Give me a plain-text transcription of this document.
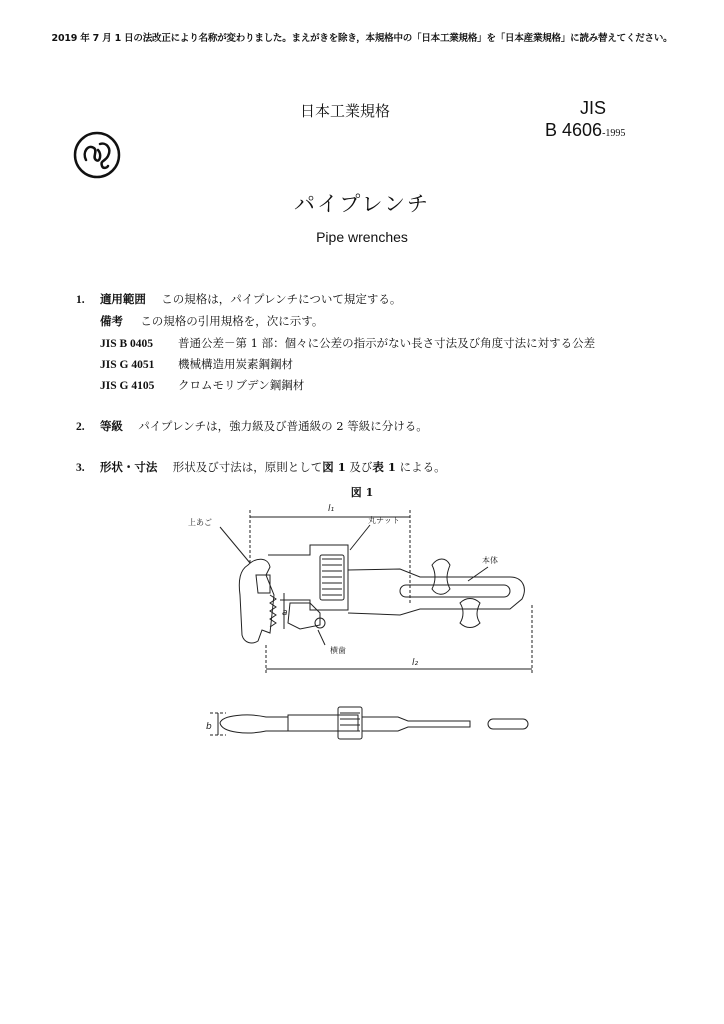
2019 年 7 月 1 日の法改正により名称が変わりました。まえがきを除き，本規格中の「日本工業規格」を「日本産業規格」に読み替えてください。
日本工業規格	JIS
B 4606-1995
パイプレンチ
Pipe wrenches
1. 適用範囲 この規格は，パイプレンチについて規定する。
備考 この規格の引用規格を，次に示す。
JIS B 0405 普通公差－第 1 部：個々に公差の指示がない長さ寸法及び角度寸法に対する公差
JIS G 4051 機械構造用炭素鋼鋼材
JIS G 4105 クロムモリブデン鋼鋼材
2. 等級 パイプレンチは，強力級及び普通級の 2 等級に分ける。
3. 形状・寸法 形状及び寸法は，原則として図 1 及び表 1 による。
図 1
上あご	丸ナット
本体
横歯
l₁
l₂
a
b
